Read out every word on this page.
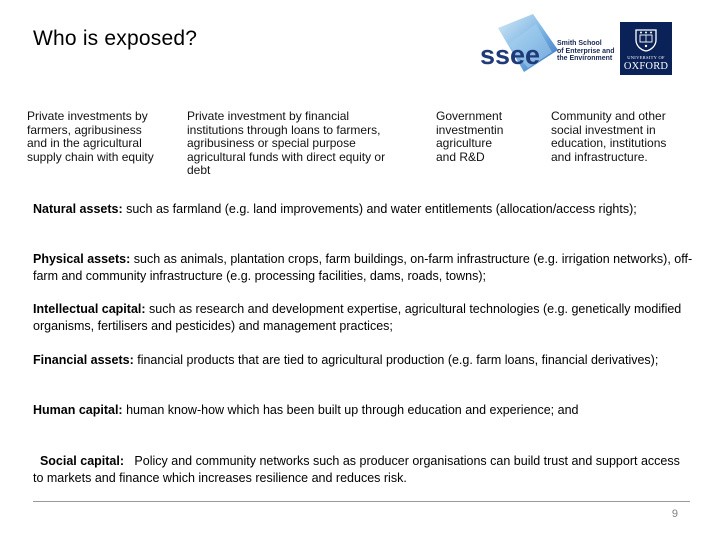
Who is exposed?
ssee Smith School
of Enterprise and
the Environment	UNIVERSITY OF
OXFORD
Private investments by
farmers, agribusiness
and in the agricultural
supply chain with equity
Private investment by financial
institutions through loans to farmers,
agribusiness or special purpose
agricultural funds with direct equity or
debt
Government
investmentin
agriculture
and R&D
Community and other
social investment in
education, institutions
and infrastructure.
Natural assets: such as farmland (e.g. land improvements) and water entitlements (allocation/access rights);
Physical assets: such as animals, plantation crops, farm buildings, on-farm infrastructure (e.g. irrigation networks), off-farm and community infrastructure (e.g. processing facilities, dams, roads, towns);
Intellectual capital: such as research and development expertise, agricultural technologies (e.g. genetically modified organisms, fertilisers and pesticides) and management practices;
Financial assets: financial products that are tied to agricultural production (e.g. farm loans, financial derivatives);
Human capital: human know-how which has been built up through education and experience; and

Social capital:   Policy and community networks such as producer organisations can build trust and support access to markets and finance which increases resilience and reduces risk.

9
